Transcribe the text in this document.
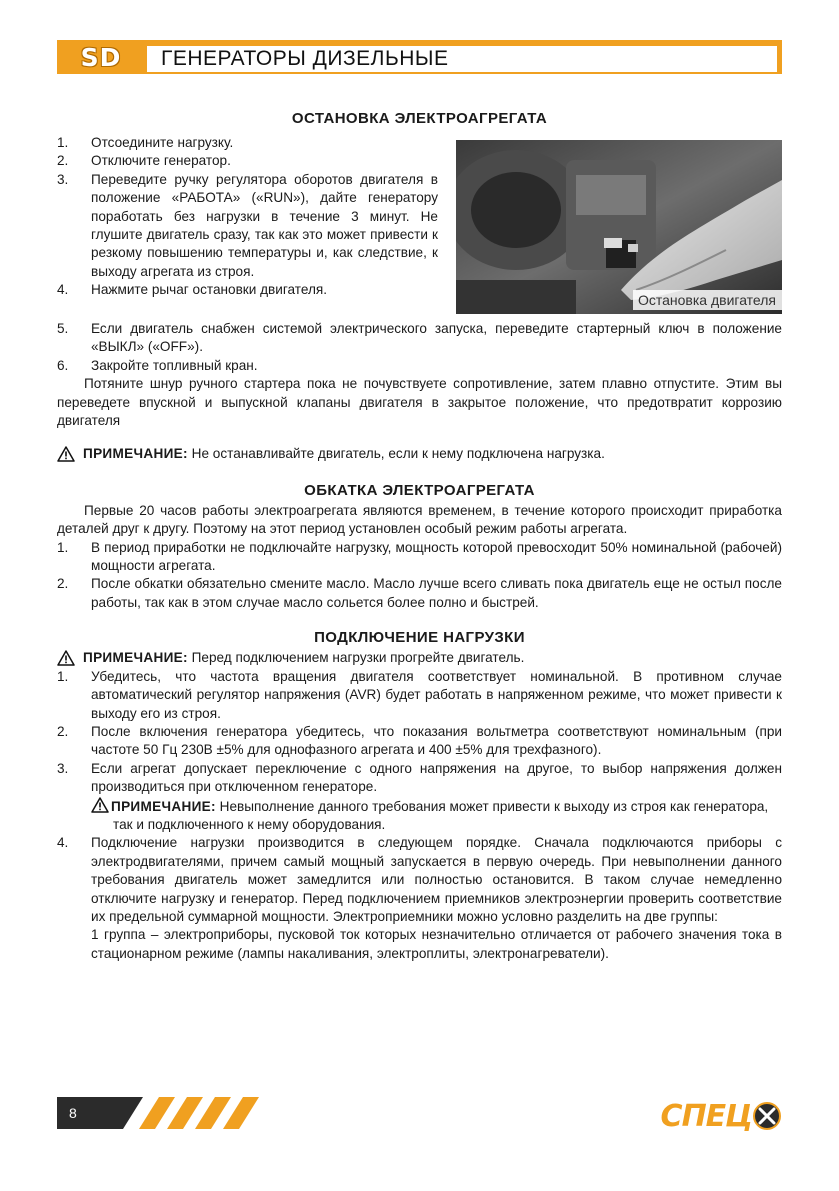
SD	ГЕНЕРАТОРЫ ДИЗЕЛЬНЫЕ
ОСТАНОВКА ЭЛЕКТРОАГРЕГАТА
Остановка двигателя
1. Отсоедините нагрузку.
2. Отключите генератор.
3. Переведите ручку регулятора оборотов двигателя в положение «РАБОТА» («RUN»), дайте генератору поработать без нагрузки в течение 3 минут. Не глушите двигатель сразу, так как это может привести к резкому повышению температуры и, как следствие, к выходу агрегата из строя.
4. Нажмите рычаг остановки двигателя.
5. Если двигатель снабжен системой электрического запуска, переведите стартерный ключ в положение «ВЫКЛ» («OFF»).
6. Закройте топливный кран.
Потяните шнур ручного стартера пока не почувствуете сопротивление, затем плавно отпустите. Этим вы переведете впускной и выпускной клапаны двигателя в закрытое положение, что предотвратит коррозию двигателя
ПРИМЕЧАНИЕ: Не останавливайте двигатель, если к нему подключена нагрузка.
ОБКАТКА ЭЛЕКТРОАГРЕГАТА
Первые 20 часов работы электроагрегата являются временем, в течение которого происходит приработка деталей друг к другу. Поэтому на этот период установлен особый режим работы агрегата.
1. В период приработки не подключайте нагрузку, мощность которой превосходит 50% номинальной (рабочей) мощности агрегата.
2. После обкатки обязательно смените масло. Масло лучше всего сливать пока двигатель еще не остыл после работы, так как в этом случае масло сольется более полно и быстрей.
ПОДКЛЮЧЕНИЕ НАГРУЗКИ
ПРИМЕЧАНИЕ: Перед подключением нагрузки прогрейте двигатель.
1. Убедитесь, что частота вращения двигателя соответствует номинальной. В противном случае автоматический регулятор напряжения (AVR) будет работать в напряженном режиме, что может привести к выходу его из строя.
2. После включения генератора убедитесь, что показания вольтметра соответствуют номинальным (при частоте 50 Гц 230В ±5% для однофазного агрегата и 400 ±5% для трехфазного).
3. Если агрегат допускает переключение с одного напряжения на другое, то выбор напряжения должен производиться при отключенном генераторе.
ПРИМЕЧАНИЕ: Невыполнение данного требования может привести к выходу из строя как генератора, так и подключенного к нему оборудования.
4. Подключение нагрузки производится в следующем порядке. Сначала подключаются приборы с электродвигателями, причем самый мощный запускается в первую очередь. При невыполнении данного требования двигатель может замедлится или полностью остановится. В таком случае немедленно отключите нагрузку и генератор. Перед подключением приемников электроэнергии проверить соответствие их предельной суммарной мощности. Электроприемники можно условно разделить на две группы:
1 группа – электроприборы, пусковой ток которых незначительно отличается от рабочего значения тока в стационарном режиме (лампы накаливания, электроплиты, электронагреватели).
8	СПЕЦ
